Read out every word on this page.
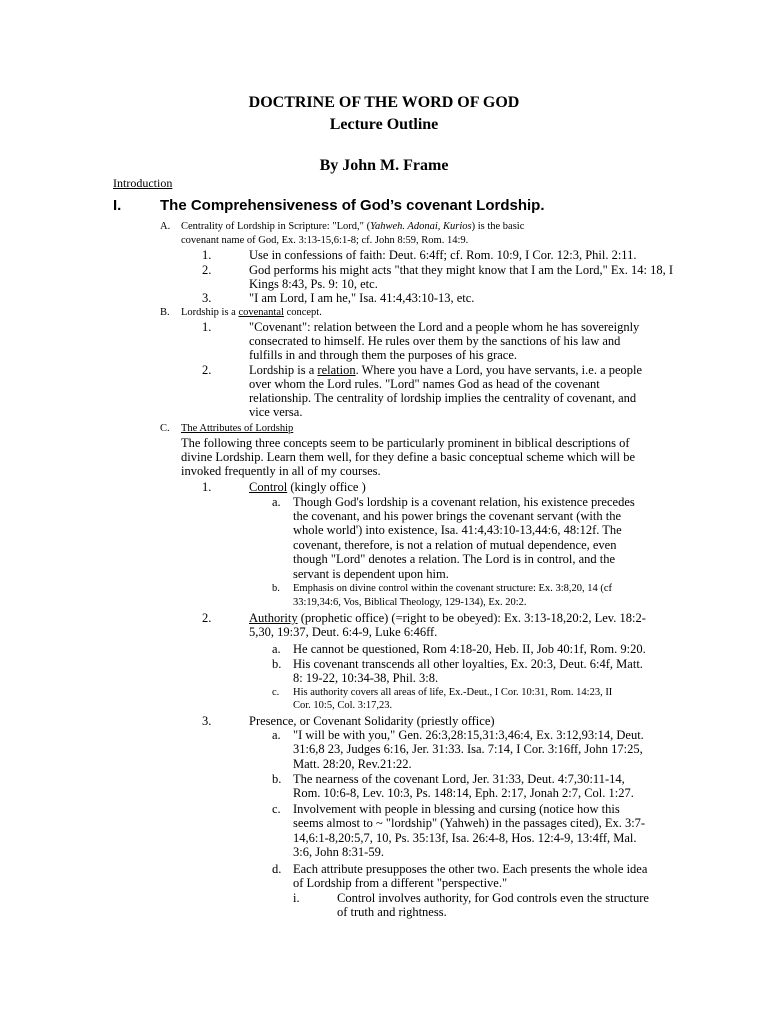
DOCTRINE OF THE WORD OF GOD
Lecture Outline
By John M. Frame
Introduction
I.	The Comprehensiveness of God’s covenant Lordship.
A. Centrality of Lordship in Scripture: "Lord," (Yahweh. Adonai, Kurios) is the basic
covenant name of God, Ex. 3:13-15,6:1-8; cf. John 8:59, Rom. 14:9.
1.	Use in confessions of faith: Deut. 6:4ff; cf. Rom. 10:9, I Cor. 12:3, Phil. 2:11.
2.	God performs his might acts "that they might know that I am the Lord," Ex. 14: 18, I
Kings 8:43, Ps. 9: 10, etc.
3.	"I am Lord, I am he," Isa. 41:4,43:10-13, etc.
B. Lordship is a covenantal concept.
1.	"Covenant": relation between the Lord and a people whom he has sovereignly
consecrated to himself. He rules over them by the sanctions of his law and
fulfills in and through them the purposes of his grace.
2.	Lordship is a relation. Where you have a Lord, you have servants, i.e. a people
over whom the Lord rules. "Lord" names God as head of the covenant
relationship. The centrality of lordship implies the centrality of covenant, and
vice versa.
C. The Attributes of Lordship
The following three concepts seem to be particularly prominent in biblical descriptions of
divine Lordship. Learn them well, for they define a basic conceptual scheme which will be
invoked frequently in all of my courses.
1.	Control (kingly office )
a. Though God's lordship is a covenant relation, his existence precedes
the covenant, and his power brings the covenant servant (with the
whole world') into existence, Isa. 41:4,43:10-13,44:6, 48:12f. The
covenant, therefore, is not a relation of mutual dependence, even
though "Lord" denotes a relation. The Lord is in control, and the
servant is dependent upon him.
b. Emphasis on divine control within the covenant structure: Ex. 3:8,20, 14 (cf
33:19,34:6, Vos, Biblical Theology, 129-134), Ex. 20:2.
2.	Authority (prophetic office) (=right to be obeyed): Ex. 3:13-18,20:2, Lev. 18:2-
5,30, 19:37, Deut. 6:4-9, Luke 6:46ff.
a. He cannot be questioned, Rom 4:18-20, Heb. II, Job 40:1f, Rom. 9:20.
b. His covenant transcends all other loyalties, Ex. 20:3, Deut. 6:4f, Matt.
8: 19-22, 10:34-38, Phil. 3:8.
c. His authority covers all areas of life, Ex.-Deut., I Cor. 10:31, Rom. 14:23, II
Cor. 10:5, Col. 3:17,23.
3.	Presence, or Covenant Solidarity (priestly office)
a. "I will be with you," Gen. 26:3,28:15,31:3,46:4, Ex. 3:12,93:14, Deut.
31:6,8 23, Judges 6:16, Jer. 31:33. Isa. 7:14, I Cor. 3:16ff, John 17:25,
Matt. 28:20, Rev.21:22.
b. The nearness of the covenant Lord, Jer. 31:33, Deut. 4:7,30:11-14,
Rom. 10:6-8, Lev. 10:3, Ps. 148:14, Eph. 2:17, Jonah 2:7, Col. 1:27.
c. Involvement with people in blessing and cursing (notice how this
seems almost to ~ "lordship" (Yahweh) in the passages cited), Ex. 3:7-
14,6:1-8,20:5,7, 10, Ps. 35:13f, Isa. 26:4-8, Hos. 12:4-9, 13:4ff, Mal.
3:6, John 8:31-59.
d. Each attribute presupposes the other two. Each presents the whole idea
of Lordship from a different "perspective."
i.	Control involves authority, for God controls even the structure
of truth and rightness.
